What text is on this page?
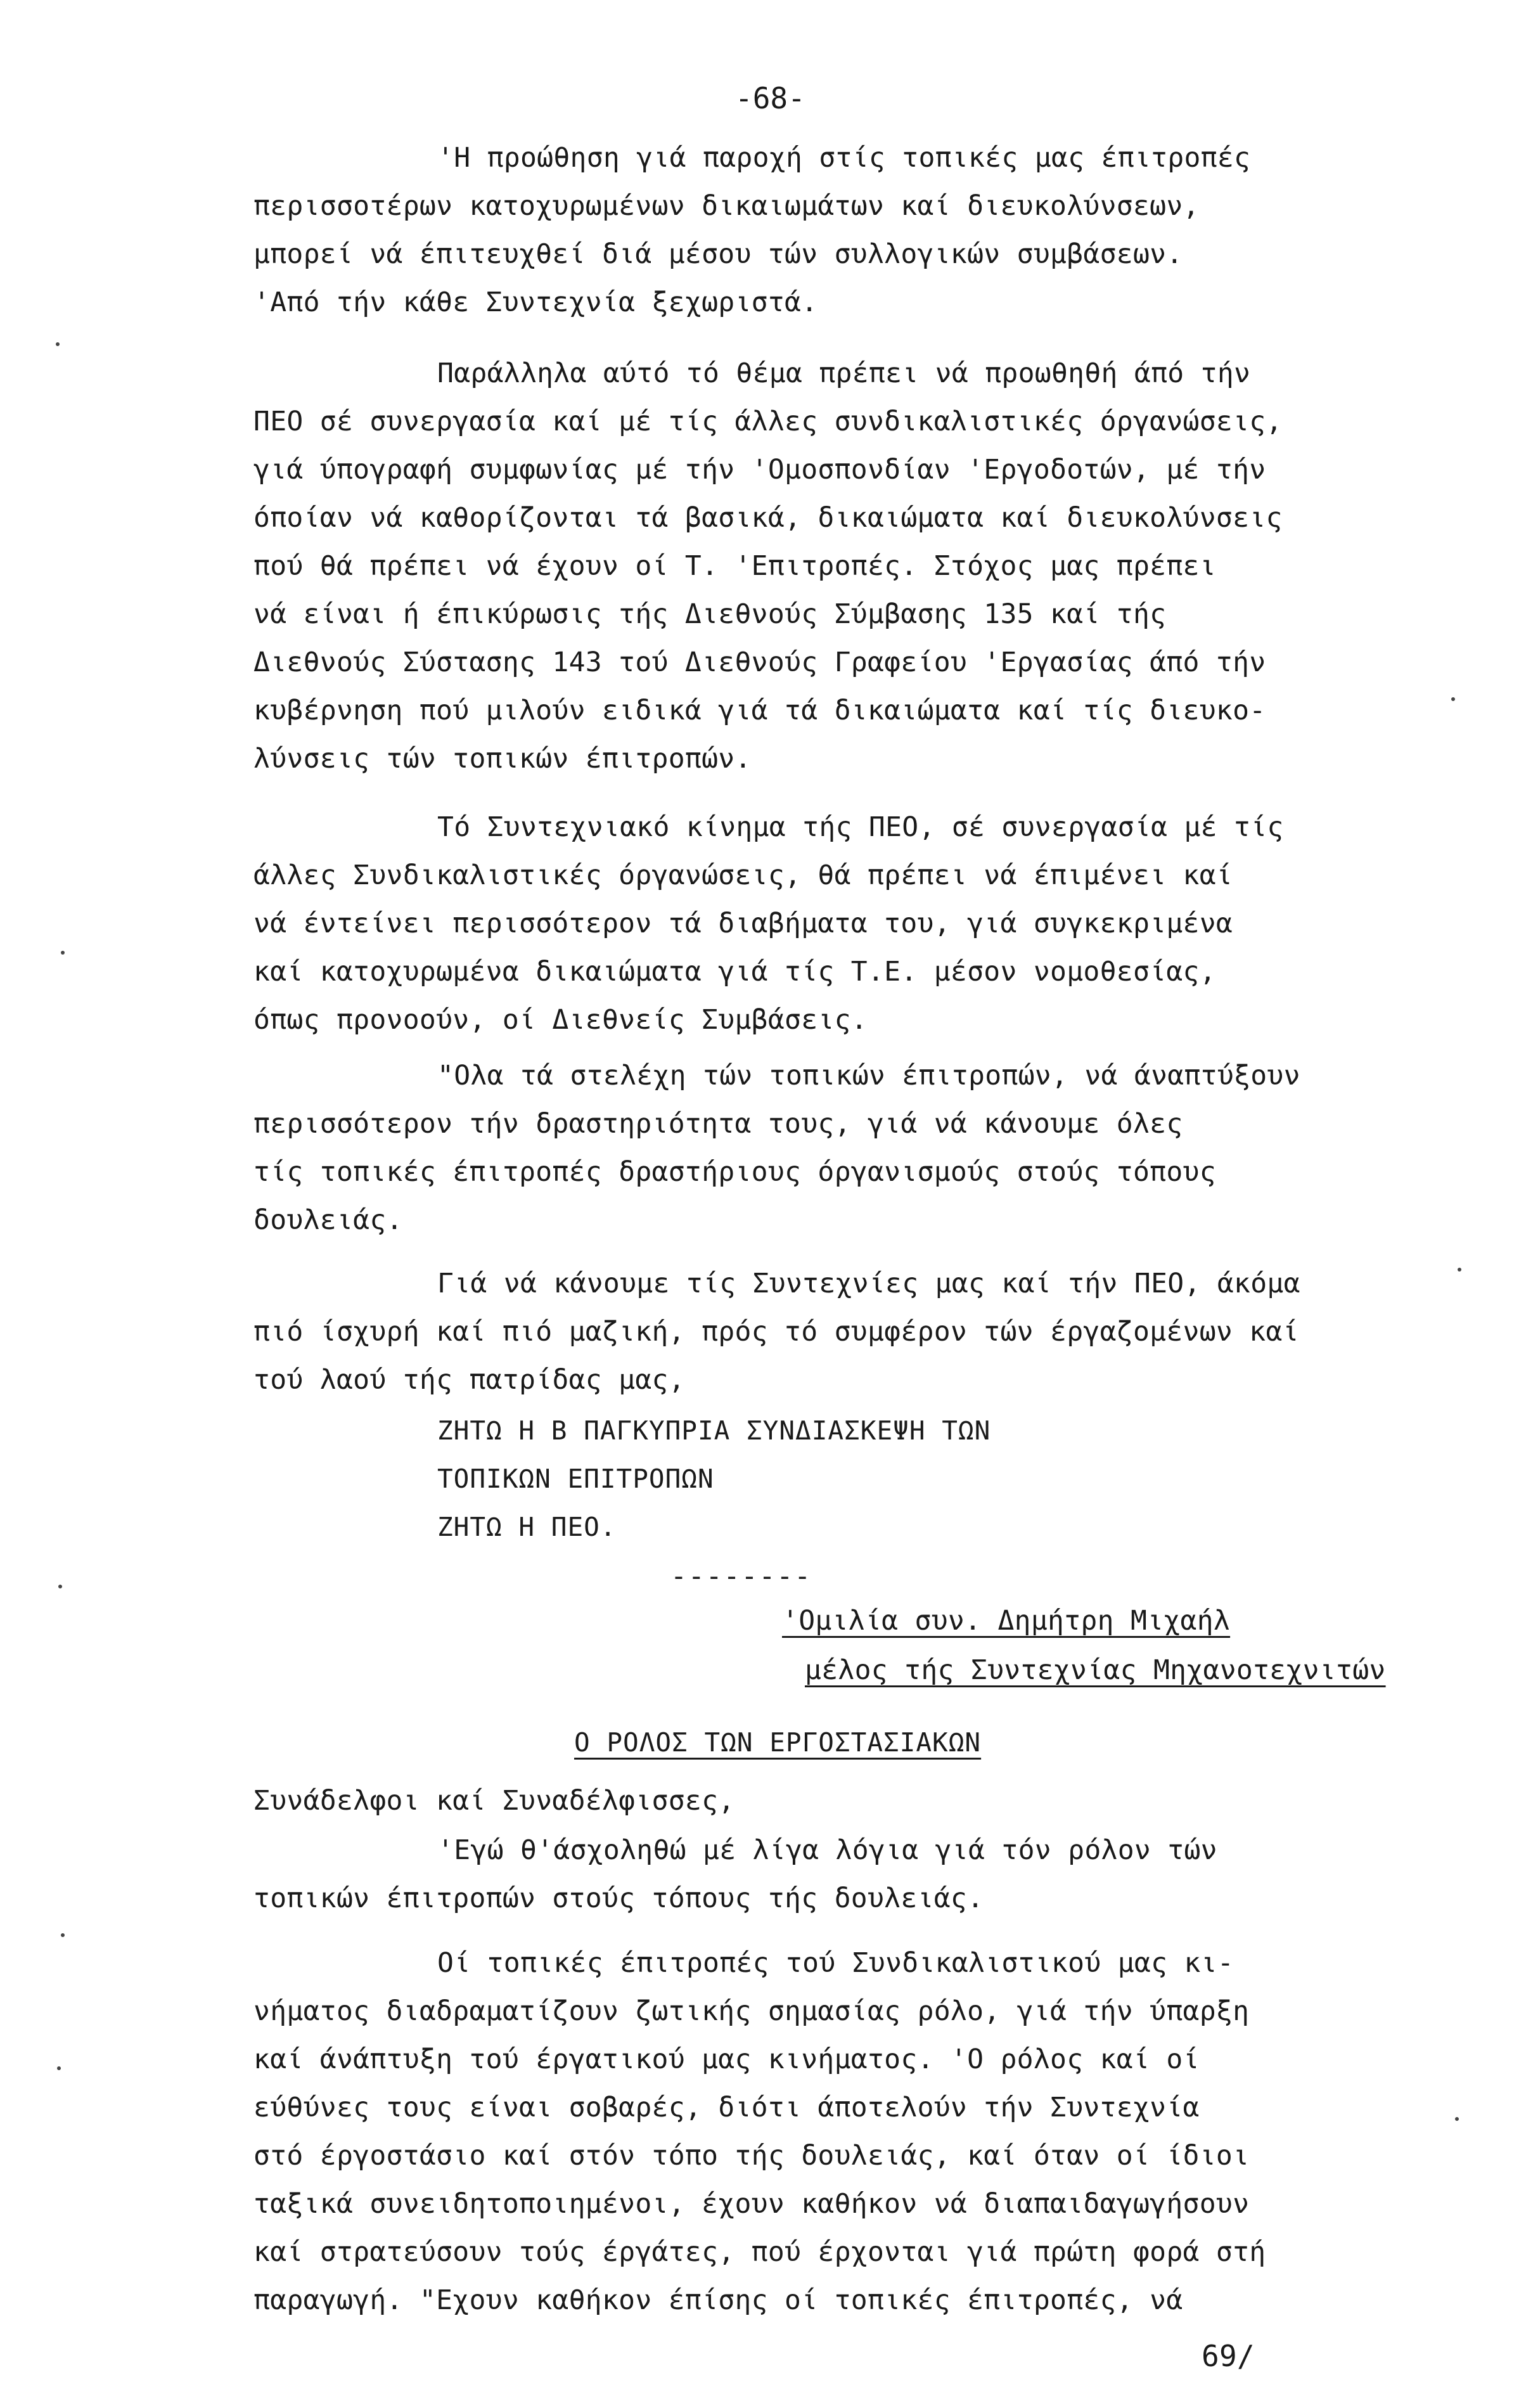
-68-
'Η προώθηση γιά παροχή στίς τοπικές μας έπιτροπές
περισσοτέρων κατοχυρωμένων δικαιωμάτων καί διευκολύνσεων,
μπορεί νά έπιτευχθεί διά μέσου τών συλλογικών συμβάσεων.
'Από τήν κάθε Συντεχνία ξεχωριστά.
Παράλληλα αύτό τό θέμα πρέπει νά προωθηθή άπό τήν
ΠΕΟ σέ συνεργασία καί μέ τίς άλλες συνδικαλιστικές όργανώσεις,
γιά ύπογραφή συμφωνίας μέ τήν 'Ομοσπονδίαν 'Εργοδοτών, μέ τήν
όποίαν νά καθορίζονται τά βασικά, δικαιώματα καί διευκολύνσεις
πού θά πρέπει νά έχουν οί Τ. 'Επιτροπές. Στόχος μας πρέπει
νά είναι ή έπικύρωσις τής Διεθνούς Σύμβασης 135 καί τής
Διεθνούς Σύστασης 143 τού Διεθνούς Γραφείου 'Εργασίας άπό τήν
κυβέρνηση πού μιλούν ειδικά γιά τά δικαιώματα καί τίς διευκο-
λύνσεις τών τοπικών έπιτροπών.
Τό Συντεχνιακό κίνημα τής ΠΕΟ, σέ συνεργασία μέ τίς
άλλες Συνδικαλιστικές όργανώσεις, θά πρέπει νά έπιμένει καί
νά έντείνει περισσότερον τά διαβήματα του, γιά συγκεκριμένα
καί κατοχυρωμένα δικαιώματα γιά τίς Τ.Ε. μέσον νομοθεσίας,
όπως προνοούν, οί Διεθνείς Συμβάσεις.
"Ολα τά στελέχη τών τοπικών έπιτροπών, νά άναπτύξουν
περισσότερον τήν δραστηριότητα τους, γιά νά κάνουμε όλες
τίς τοπικές έπιτροπές δραστήριους όργανισμούς στούς τόπους
δουλειάς.
Γιά νά κάνουμε τίς Συντεχνίες μας καί τήν ΠΕΟ, άκόμα
πιό ίσχυρή καί πιό μαζική, πρός τό συμφέρον τών έργαζομένων καί
τού λαού τής πατρίδας μας,
ΖΗΤΩ Η Β ΠΑΓΚΥΠΡΙΑ ΣΥΝΔΙΑΣΚΕΨΗ ΤΩΝ
ΤΟΠΙΚΩΝ ΕΠΙΤΡΟΠΩΝ
ΖΗΤΩ Η ΠΕΟ.
--------
'Ομιλία συν. Δημήτρη Μιχαήλ
μέλος τής Συντεχνίας Μηχανοτεχνιτών
Ο ΡΟΛΟΣ ΤΩΝ ΕΡΓΟΣΤΑΣΙΑΚΩΝ
Συνάδελφοι καί Συναδέλφισσες,
'Εγώ θ'άσχοληθώ μέ λίγα λόγια γιά τόν ρόλον τών
τοπικών έπιτροπών στούς τόπους τής δουλειάς.
Οί τοπικές έπιτροπές τού Συνδικαλιστικού μας κι-
νήματος διαδραματίζουν ζωτικής σημασίας ρόλο, γιά τήν ύπαρξη
καί άνάπτυξη τού έργατικού μας κινήματος. 'Ο ρόλος καί οί
εύθύνες τους είναι σοβαρές, διότι άποτελούν τήν Συντεχνία
στό έργοστάσιο καί στόν τόπο τής δουλειάς, καί όταν οί ίδιοι
ταξικά συνειδητοποιημένοι, έχουν καθήκον νά διαπαιδαγωγήσουν
καί στρατεύσουν τούς έργάτες, πού έρχονται γιά πρώτη φορά στή
παραγωγή. "Εχουν καθήκον έπίσης οί τοπικές έπιτροπές, νά
69/
